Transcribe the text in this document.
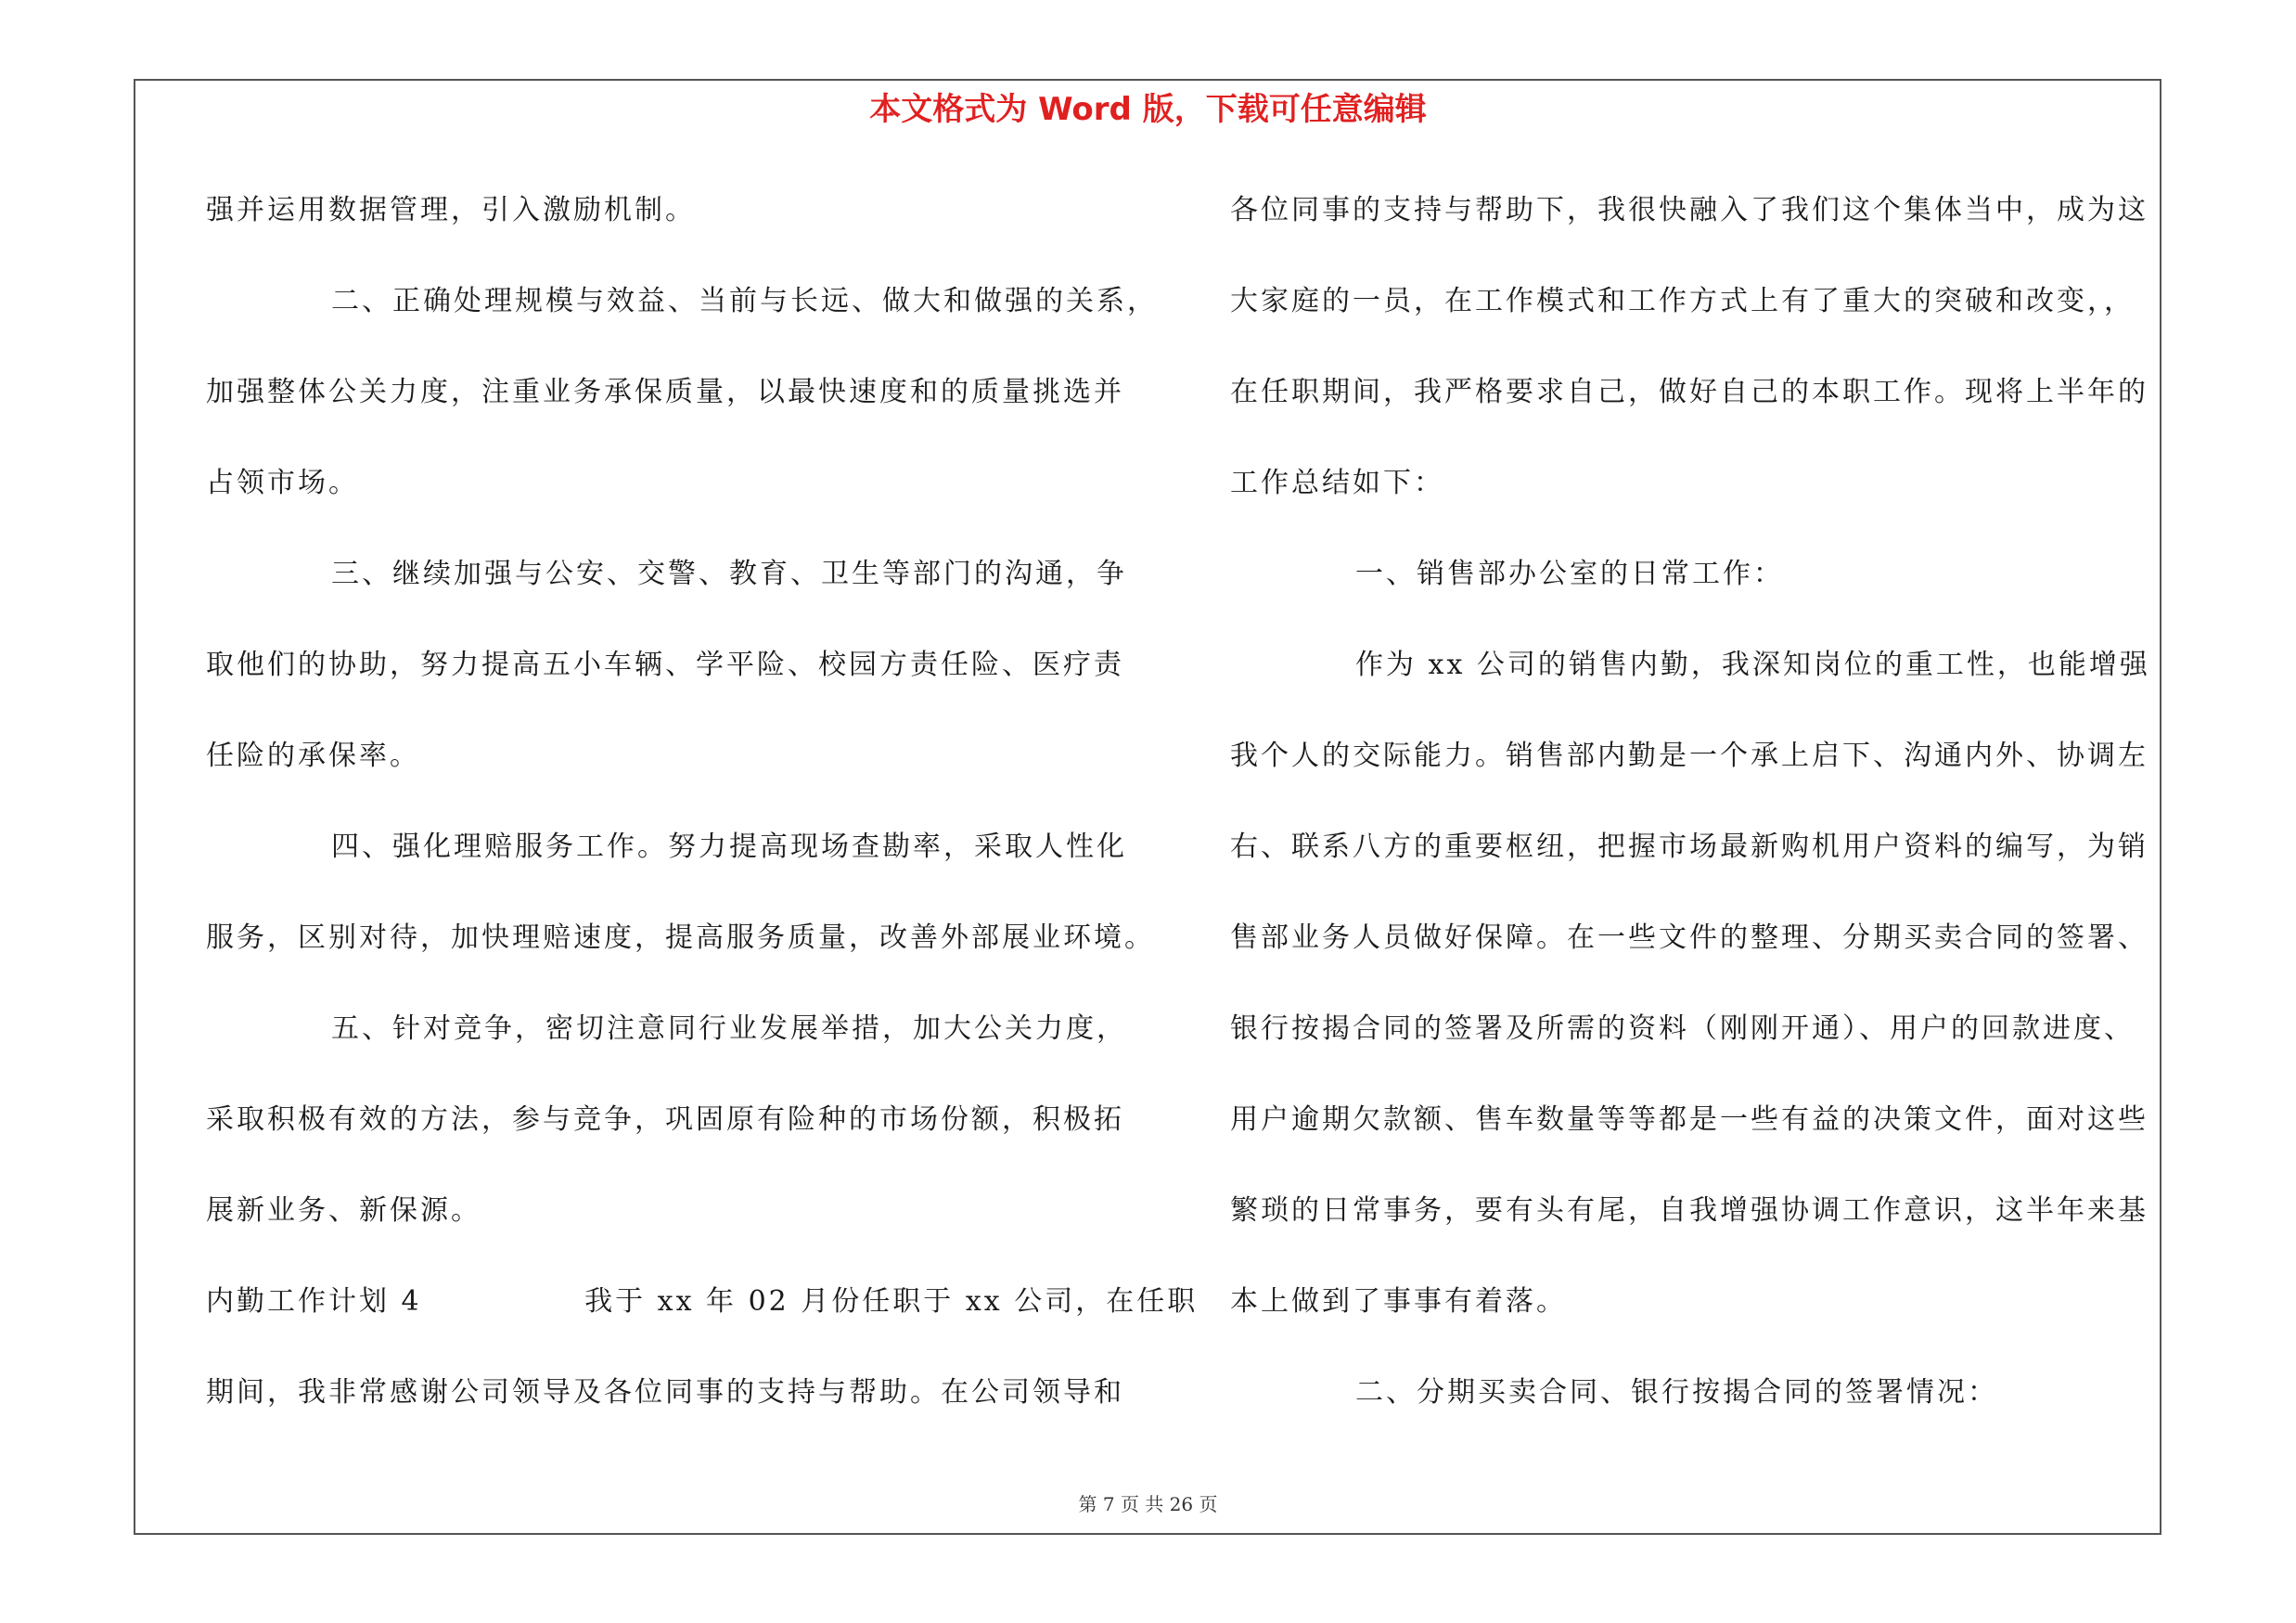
本文格式为 Word 版，下载可任意编辑
强并运用数据管理，引入激励机制。
二、正确处理规模与效益、当前与长远、做大和做强的关系，
加强整体公关力度，注重业务承保质量，以最快速度和的质量挑选并
占领市场。
三、继续加强与公安、交警、教育、卫生等部门的沟通，争
取他们的协助，努力提高五小车辆、学平险、校园方责任险、医疗责
任险的承保率。
四、强化理赔服务工作。努力提高现场查勘率，采取人性化
服务，区别对待，加快理赔速度，提高服务质量，改善外部展业环境。
五、针对竞争，密切注意同行业发展举措，加大公关力度，
采取积极有效的方法，参与竞争，巩固原有险种的市场份额，积极拓
展新业务、新保源。
内勤工作计划 4              我于 xx 年 02 月份任职于 xx 公司，在任职
期间，我非常感谢公司领导及各位同事的支持与帮助。在公司领导和
各位同事的支持与帮助下，我很快融入了我们这个集体当中，成为这
大家庭的一员，在工作模式和工作方式上有了重大的突破和改变，，
在任职期间，我严格要求自己，做好自己的本职工作。现将上半年的
工作总结如下：
一、销售部办公室的日常工作：
作为 xx 公司的销售内勤，我深知岗位的重工性，也能增强
我个人的交际能力。销售部内勤是一个承上启下、沟通内外、协调左
右、联系八方的重要枢纽，把握市场最新购机用户资料的编写，为销
售部业务人员做好保障。在一些文件的整理、分期买卖合同的签署、
银行按揭合同的签署及所需的资料（刚刚开通）、用户的回款进度、
用户逾期欠款额、售车数量等等都是一些有益的决策文件，面对这些
繁琐的日常事务，要有头有尾，自我增强协调工作意识，这半年来基
本上做到了事事有着落。
二、分期买卖合同、银行按揭合同的签署情况：
第 7 页 共 26 页
